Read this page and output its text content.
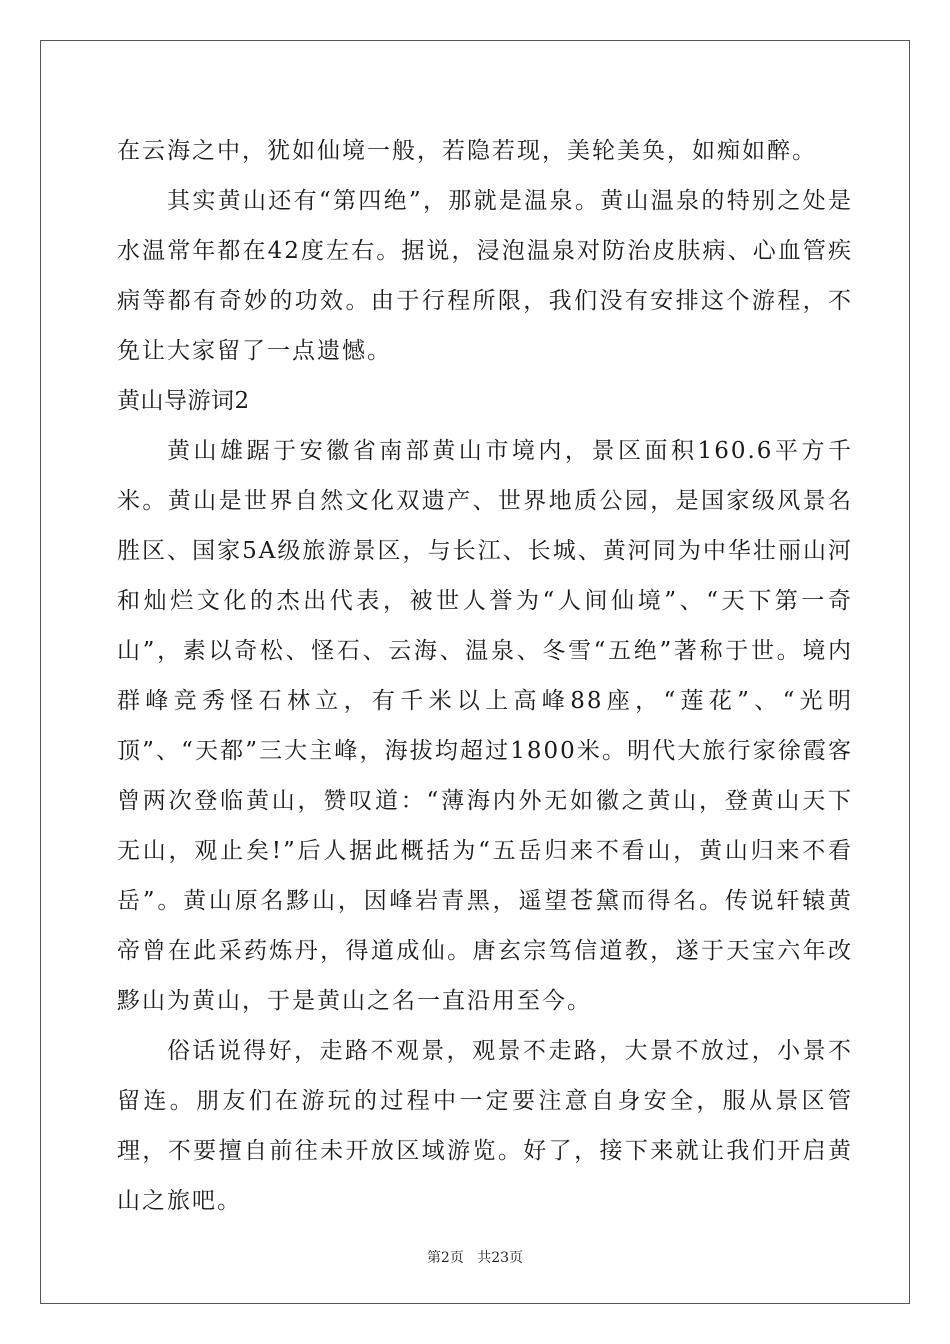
在云海之中，犹如仙境一般，若隐若现，美轮美奂，如痴如醉。

其实黄山还有“第四绝”，那就是温泉。黄山温泉的特别之处是水温常年都在42度左右。据说，浸泡温泉对防治皮肤病、心血管疾病等都有奇妙的功效。由于行程所限，我们没有安排这个游程，不免让大家留了一点遗憾。

黄山导游词2

黄山雄踞于安徽省南部黄山市境内，景区面积160.6平方千米。黄山是世界自然文化双遗产、世界地质公园，是国家级风景名胜区、国家5A级旅游景区，与长江、长城、黄河同为中华壮丽山河和灿烂文化的杰出代表，被世人誉为“人间仙境”、“天下第一奇山”，素以奇松、怪石、云海、温泉、冬雪“五绝”著称于世。境内群峰竞秀怪石林立，有千米以上高峰88座，“莲花”、“光明顶”、“天都”三大主峰，海拔均超过1800米。明代大旅行家徐霞客曾两次登临黄山，赞叹道：“薄海内外无如徽之黄山，登黄山天下无山，观止矣!”后人据此概括为“五岳归来不看山，黄山归来不看岳”。黄山原名黟山，因峰岩青黑，遥望苍黛而得名。传说轩辕黄帝曾在此采药炼丹，得道成仙。唐玄宗笃信道教，遂于天宝六年改黟山为黄山，于是黄山之名一直沿用至今。

俗话说得好，走路不观景，观景不走路，大景不放过，小景不留连。朋友们在游玩的过程中一定要注意自身安全，服从景区管理，不要擅自前往未开放区域游览。好了，接下来就让我们开启黄山之旅吧。

第2页 共23页
